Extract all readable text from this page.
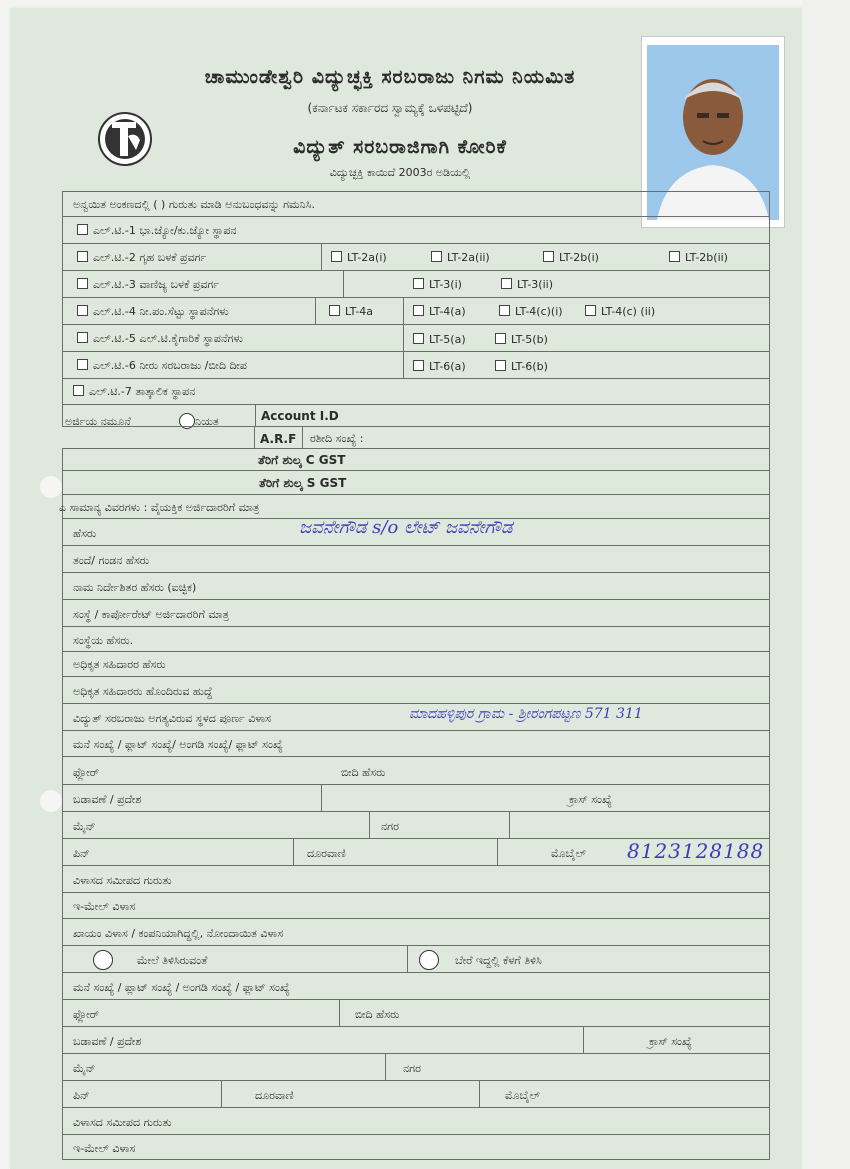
ಚಾಮುಂಡೇಶ್ವರಿ ವಿದ್ಯುಚ್ಛಕ್ತಿ ಸರಬರಾಜು ನಿಗಮ ನಿಯಮಿತ
(ಕರ್ನಾಟಕ ಸರ್ಕಾರದ ಸ್ವಾಮ್ಯಕ್ಕೆ ಒಳಪಟ್ಟಿದೆ)
ವಿದ್ಯುತ್ ಸರಬರಾಜಿಗಾಗಿ ಕೋರಿಕೆ
ವಿದ್ಯುಚ್ಛಕ್ತಿ ಕಾಯಿದೆ 2003ರ ಅಡಿಯಲ್ಲಿ
ಅನ್ವಯಿತ ಅಂಕಣದಲ್ಲಿ ( ) ಗುರುತು ಮಾಡಿ ಅನುಬಂಧವನ್ನು ಗಮನಿಸಿ.
ಎಲ್.ಟಿ.-1 ಭಾ.ಜ್ಯೋ/ಕು.ಜ್ಯೋ ಸ್ಥಾಪನ
ಎಲ್.ಟಿ.-2 ಗೃಹ ಬಳಕೆ ಪ್ರವರ್ಗ	LT-2a(i)	LT-2a(ii)	LT-2b(i)	LT-2b(ii)
ಎಲ್.ಟಿ.-3 ವಾಣಿಜ್ಯ ಬಳಕೆ ಪ್ರವರ್ಗ	LT-3(i)	LT-3(ii)
ಎಲ್.ಟಿ.-4 ನೀ.ಪಂ.ಸೆಟ್ಟು ಸ್ಥಾಪನೆಗಳು	LT-4a	LT-4(a)	LT-4(c)(i)	LT-4(c) (ii)
ಎಲ್.ಟಿ.-5 ಎಲ್.ಟಿ.ಕೈಗಾರಿಕೆ ಸ್ಥಾಪನೆಗಳು	LT-5(a)	LT-5(b)
ಎಲ್.ಟಿ.-6 ನೀರು ಸರಬರಾಜು /ಬೀದಿ ದೀಪ	LT-6(a)	LT-6(b)
ಎಲ್.ಟಿ.-7 ತಾತ್ಕಾಲಿಕ ಸ್ಥಾಪನ
ಅರ್ಜಿಯ ನಮೂನೆ	ನಿಯತ	Account I.D
A.R.F ರಶೀದಿ ಸಂಖ್ಯೆ :
ತೆರಿಗೆ ಶುಲ್ಕ C GST
ತೆರಿಗೆ ಶುಲ್ಕ S GST
ಎ ಸಾಮಾನ್ಯ ವಿವರಗಳು : ವೈಯಕ್ತಿಕ ಅರ್ಜಿದಾರರಿಗೆ ಮಾತ್ರ
ಹೆಸರು	ಜವನೇಗೌಡ s/o ಲೇಟ್ ಜವನೇಗೌಡ
ತಂದೆ/ ಗಂಡನ ಹೆಸರು
ನಾಮ ನಿರ್ದೇಶಿತರ ಹೆಸರು (ಐಚ್ಛಿಕ)
ಸಂಸ್ಥೆ / ಕಾರ್ಪೋರೇಟ್ ಅರ್ಜಿದಾರರಿಗೆ ಮಾತ್ರ
ಸಂಸ್ಥೆಯ ಹೆಸರು.
ಅಧಿಕೃತ ಸಹಿದಾರರ ಹೆಸರು
ಅಧಿಕೃತ ಸಹಿದಾರರು ಹೊಂದಿರುವ ಹುದ್ದೆ
ವಿದ್ಯುತ್ ಸರಬರಾಜು ಅಗತ್ಯವಿರುವ ಸ್ಥಳದ ಪೂರ್ಣ ವಿಳಾಸ	ಮಾದಹಳ್ಳಿಪುರ ಗ್ರಾಮ - ಶ್ರೀರಂಗಪಟ್ಟಣ 571 311
ಮನೆ ಸಂಖ್ಯೆ / ಫ್ಲಾಟ್ ಸಂಖ್ಯೆ/ ಅಂಗಡಿ ಸಂಖ್ಯೆ/ ಫ್ಲಾಟ್ ಸಂಖ್ಯೆ
ಫ್ಲೋರ್	ಬೀದಿ ಹೆಸರು
ಬಡಾವಣೆ / ಪ್ರದೇಶ	ಕ್ರಾಸ್ ಸಂಖ್ಯೆ
ಮೈನ್	ನಗರ
ಪಿನ್	ದೂರವಾಣಿ	ಮೊಬೈಲ್ 8123128188
ವಿಳಾಸದ ಸಮೀಪದ ಗುರುತು
ಇ-ಮೇಲ್ ವಿಳಾಸ
ಖಾಯಂ ವಿಳಾಸ / ಕಂಪನಿಯಾಗಿದ್ದಲ್ಲಿ, ನೋಂದಾಯಿತ ವಿಳಾಸ
ಮೇಲೆ ತಿಳಿಸಿರುವಂತೆ	ಬೇರೆ ಇದ್ದಲ್ಲಿ ಕೆಳಗೆ ತಿಳಿಸಿ
ಮನೆ ಸಂಖ್ಯೆ / ಪ್ಲಾಟ್ ಸಂಖ್ಯೆ / ಅಂಗಡಿ ಸಂಖ್ಯೆ / ಫ್ಲಾಟ್ ಸಂಖ್ಯೆ
ಫ್ಲೋರ್	ಬೀದಿ ಹೆಸರು
ಬಡಾವಣೆ / ಪ್ರದೇಶ	ಕ್ರಾಸ್ ಸಂಖ್ಯೆ
ಮೈನ್	ನಗರ
ಪಿನ್	ದೂರವಾಣಿ	ಮೊಬೈಲ್
ವಿಳಾಸದ ಸಮೀಪದ ಗುರುತು
ಇ-ಮೇಲ್ ವಿಳಾಸ
